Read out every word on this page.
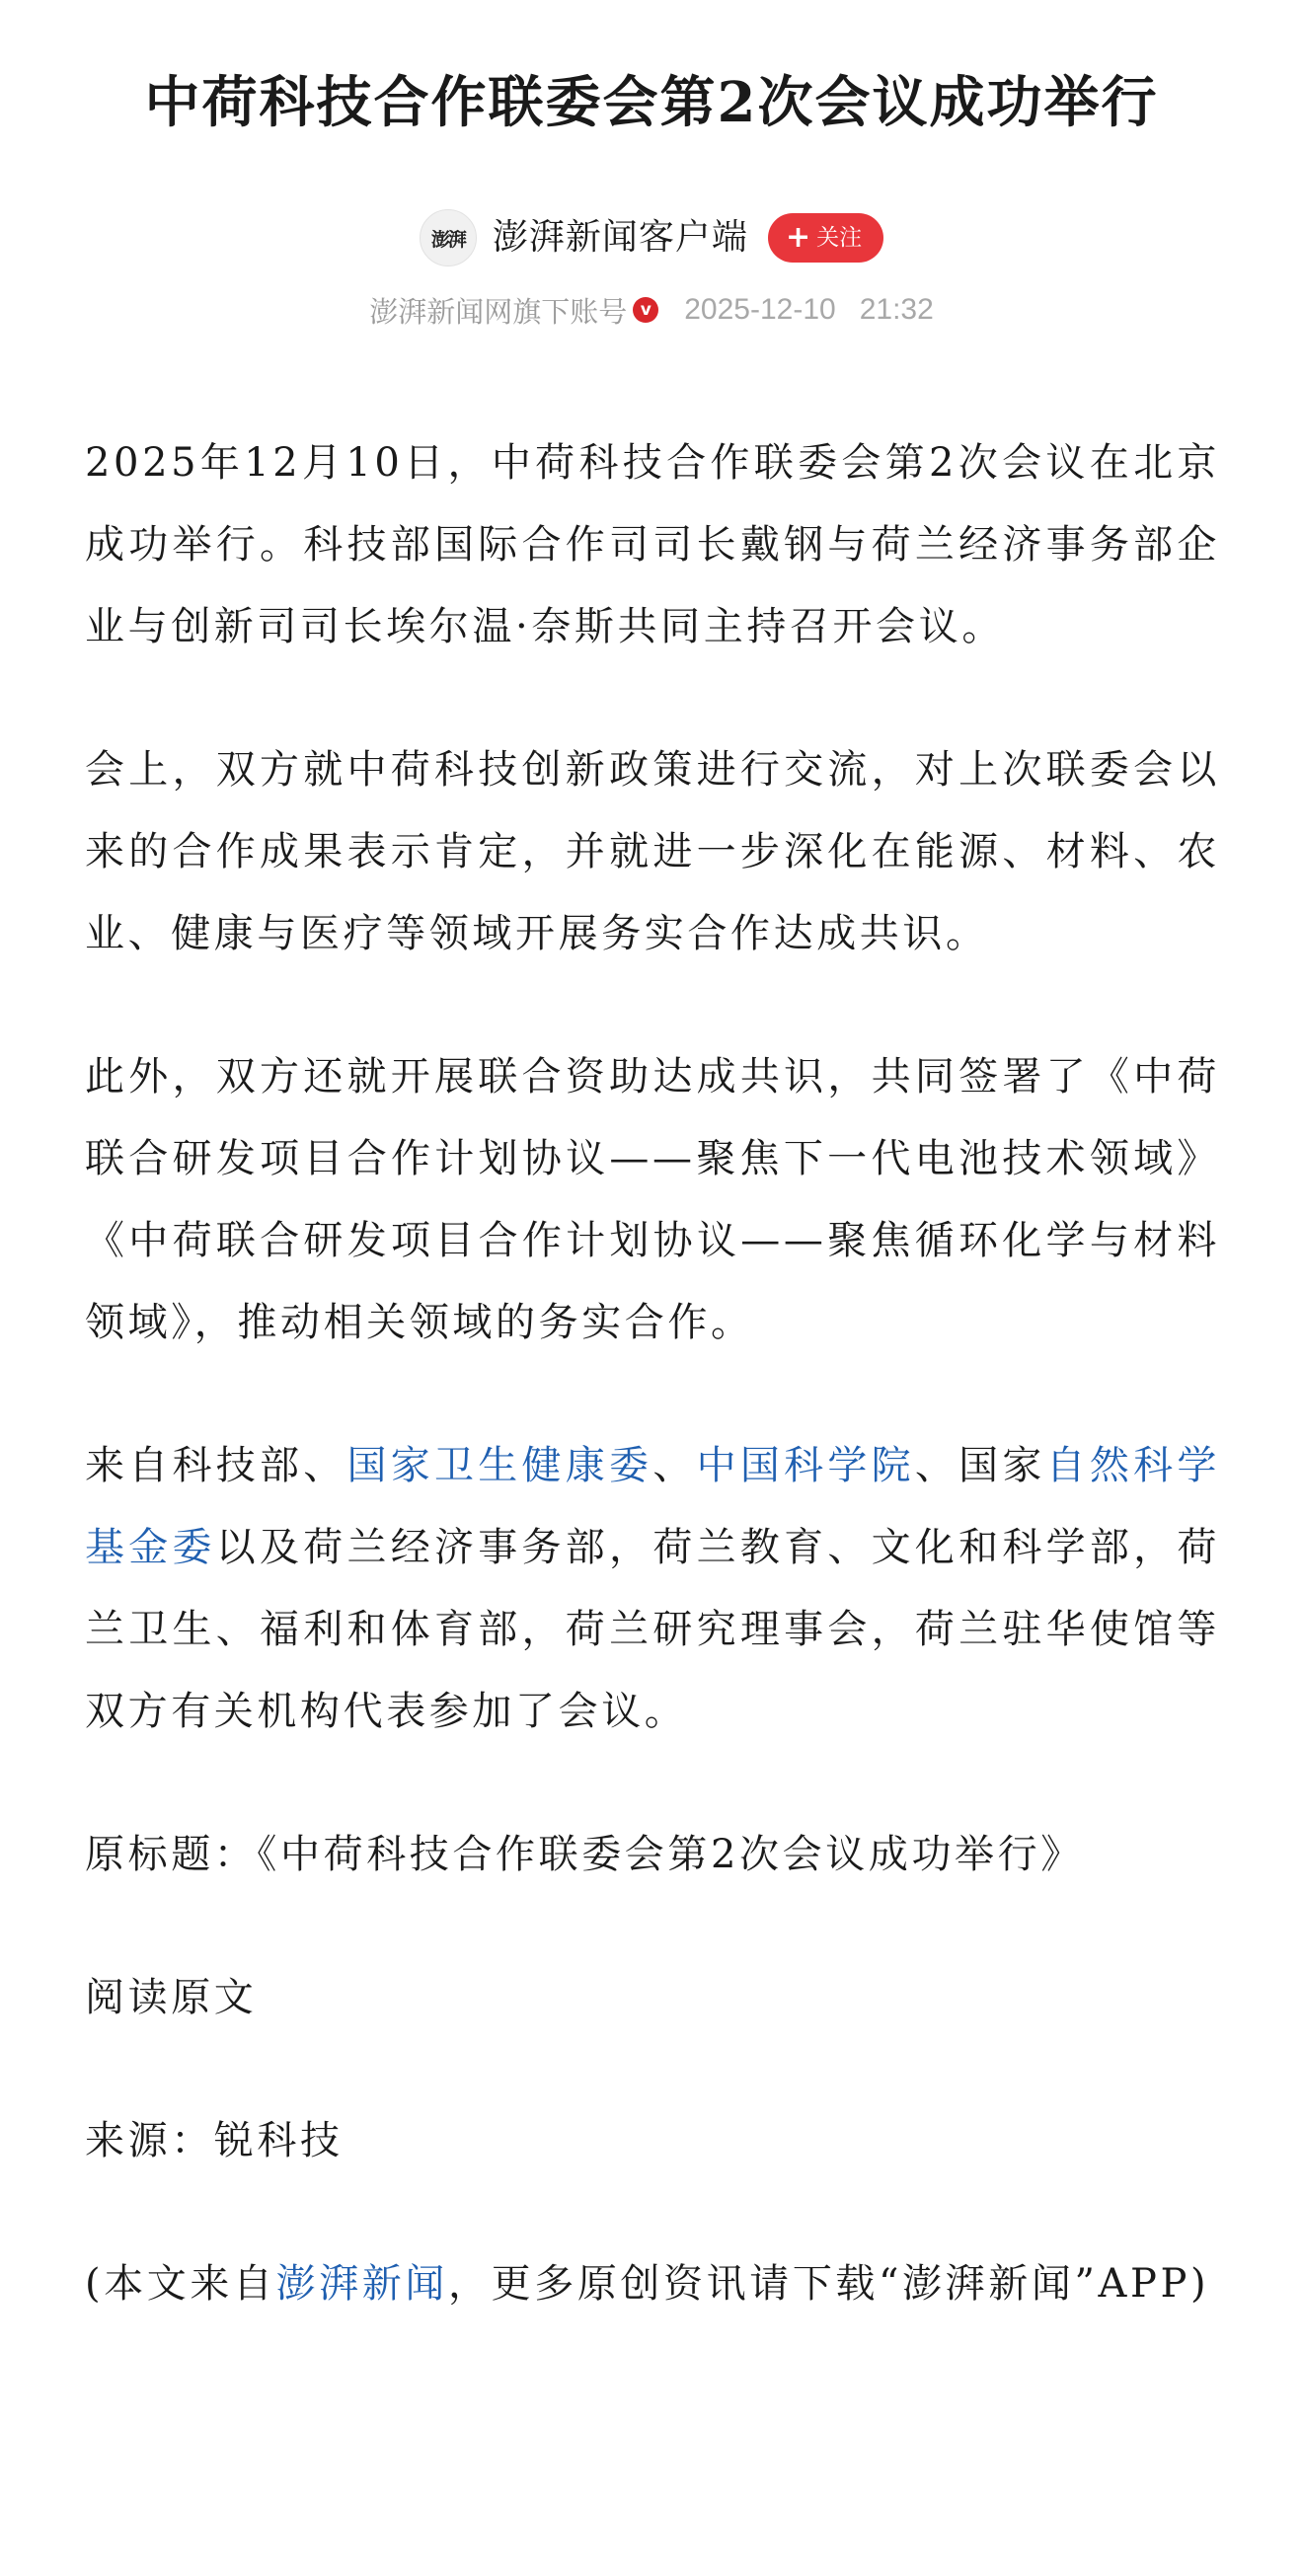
中荷科技合作联委会第2次会议成功举行
澎湃 澎湃新闻客户端 + 关注
澎湃新闻网旗下账号 v 2025-12-10 21:32

2025年12月10日，中荷科技合作联委会第2次会议在北京成功举行。科技部国际合作司司长戴钢与荷兰经济事务部企业与创新司司长埃尔温·奈斯共同主持召开会议。

会上，双方就中荷科技创新政策进行交流，对上次联委会以来的合作成果表示肯定，并就进一步深化在能源、材料、农业、健康与医疗等领域开展务实合作达成共识。

此外，双方还就开展联合资助达成共识，共同签署了《中荷联合研发项目合作计划协议——聚焦下一代电池技术领域》《中荷联合研发项目合作计划协议——聚焦循环化学与材料领域》，推动相关领域的务实合作。

来自科技部、国家卫生健康委、中国科学院、国家自然科学基金委以及荷兰经济事务部，荷兰教育、文化和科学部，荷兰卫生、福利和体育部，荷兰研究理事会，荷兰驻华使馆等双方有关机构代表参加了会议。

原标题：《中荷科技合作联委会第2次会议成功举行》

阅读原文

来源：锐科技

(本文来自澎湃新闻，更多原创资讯请下载“澎湃新闻”APP)
